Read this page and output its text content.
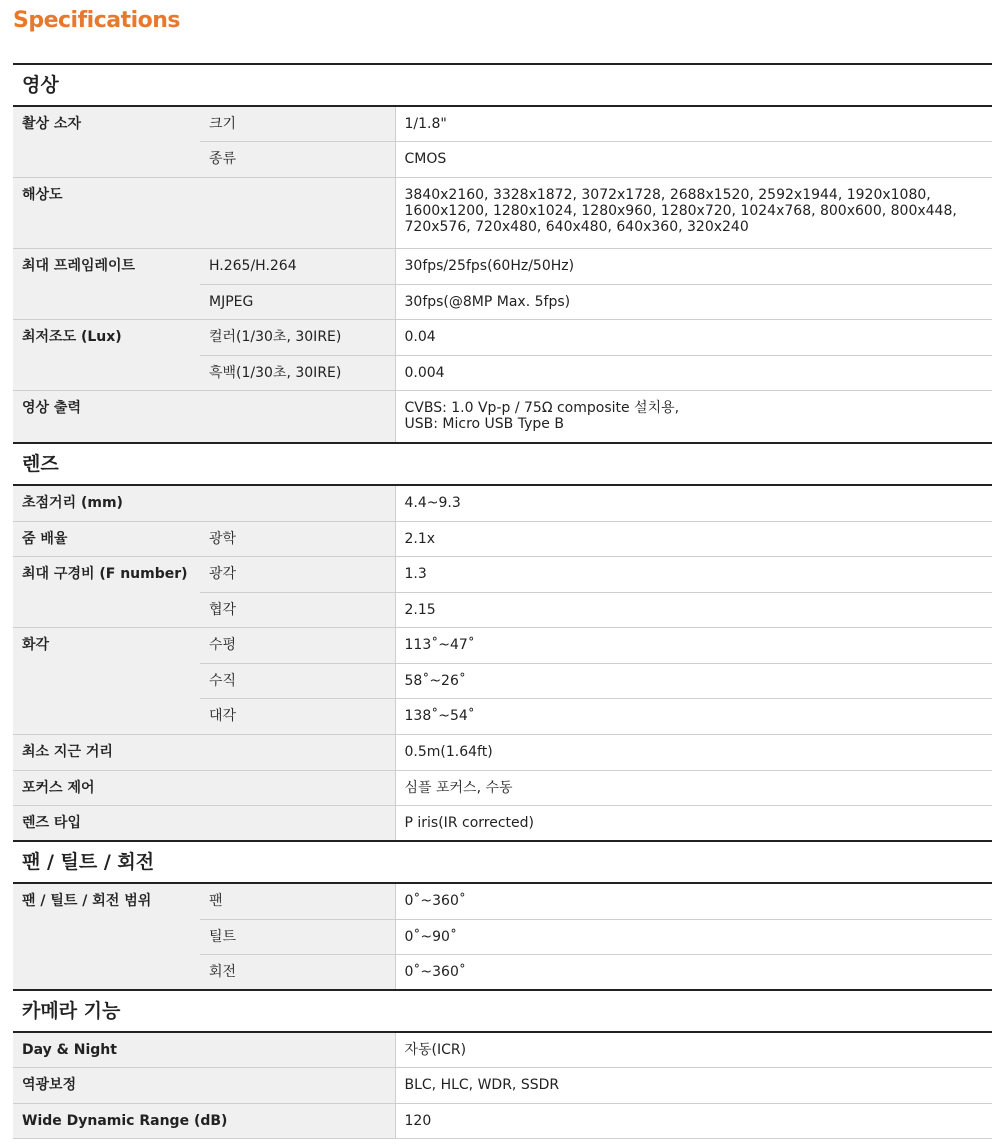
Specifications
영상		
촬상 소자	크기	1/1.8"
	종류	CMOS
해상도		3840x2160, 3328x1872, 3072x1728, 2688x1520, 2592x1944, 1920x1080, 1600x1200, 1280x1024, 1280x960, 1280x720, 1024x768, 800x600, 800x448, 720x576, 720x480, 640x480, 640x360, 320x240
최대 프레임레이트	H.265/H.264	30fps/25fps(60Hz/50Hz)
	MJPEG	30fps(@8MP Max. 5fps)
최저조도 (Lux)	컬러(1/30초, 30IRE)	0.04
	흑백(1/30초, 30IRE)	0.004
영상 출력		CVBS: 1.0 Vp-p / 75Ω composite 설치용,
USB: Micro USB Type B
렌즈		
초점거리 (mm)		4.4~9.3
줌 배율	광학	2.1x
최대 구경비 (F number)	광각	1.3
	협각	2.15
화각	수평	113˚~47˚
	수직	58˚~26˚
	대각	138˚~54˚
최소 지근 거리		0.5m(1.64ft)
포커스 제어		심플 포커스, 수동
렌즈 타입		P iris(IR corrected)
팬 / 틸트 / 회전		
팬 / 틸트 / 회전 범위	팬	0˚~360˚
	틸트	0˚~90˚
	회전	0˚~360˚
카메라 기능		
Day & Night		자동(ICR)
역광보정		BLC, HLC, WDR, SSDR
Wide Dynamic Range (dB)		120
